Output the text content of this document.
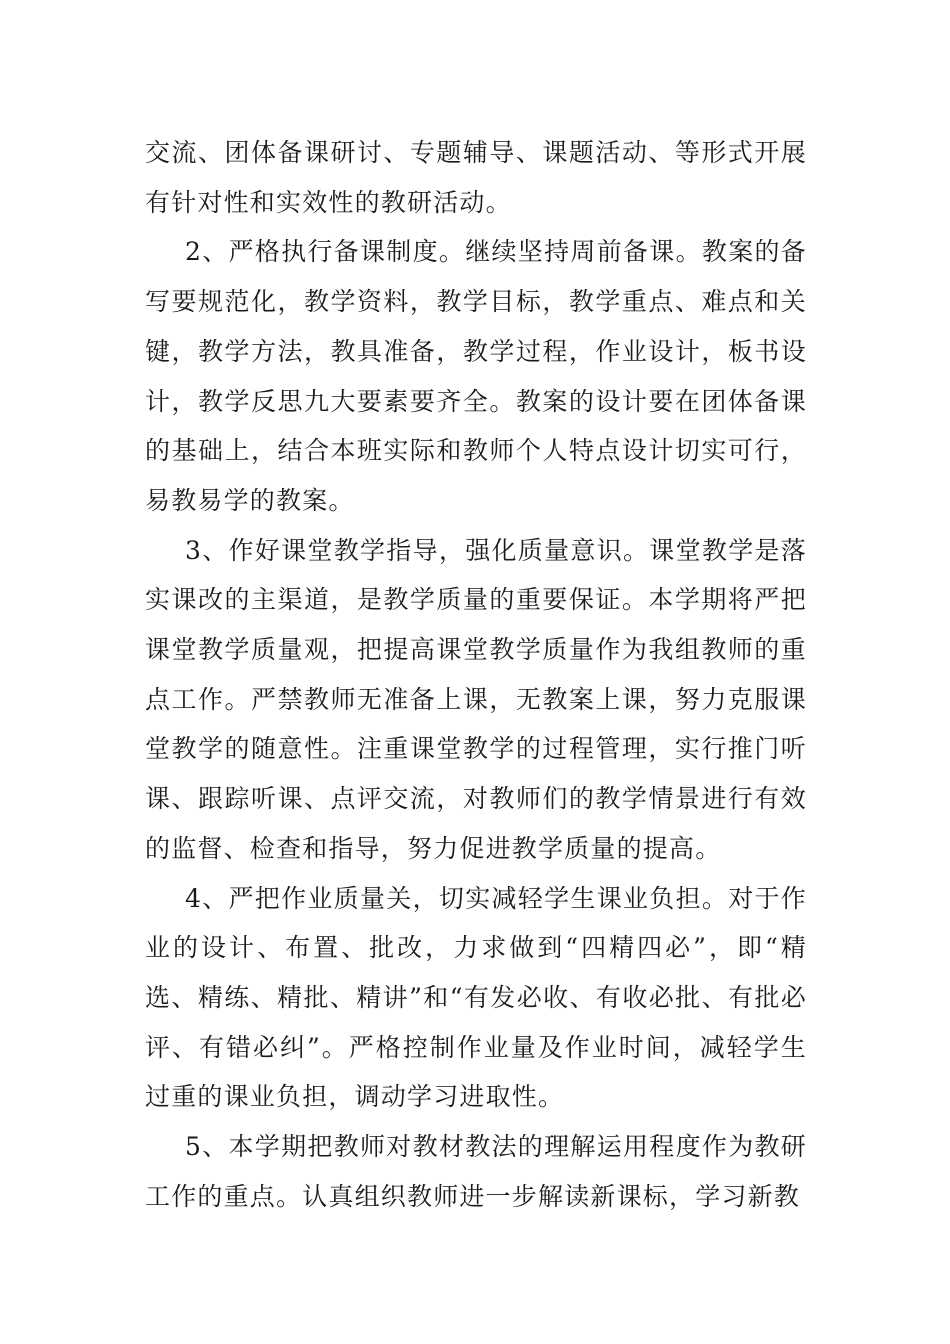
交流、团体备课研讨、专题辅导、课题活动、等形式开展有针对性和实效性的教研活动。

2、严格执行备课制度。继续坚持周前备课。教案的备写要规范化，教学资料，教学目标，教学重点、难点和关键，教学方法，教具准备，教学过程，作业设计，板书设计，教学反思九大要素要齐全。教案的设计要在团体备课的基础上，结合本班实际和教师个人特点设计切实可行，易教易学的教案。

3、作好课堂教学指导，强化质量意识。课堂教学是落实课改的主渠道，是教学质量的重要保证。本学期将严把课堂教学质量观，把提高课堂教学质量作为我组教师的重点工作。严禁教师无准备上课，无教案上课，努力克服课堂教学的随意性。注重课堂教学的过程管理，实行推门听课、跟踪听课、点评交流，对教师们的教学情景进行有效的监督、检查和指导，努力促进教学质量的提高。

4、严把作业质量关，切实减轻学生课业负担。对于作业的设计、布置、批改，力求做到“四精四必”，即“精选、精练、精批、精讲”和“有发必收、有收必批、有批必评、有错必纠”。严格控制作业量及作业时间，减轻学生过重的课业负担，调动学习进取性。

5、本学期把教师对教材教法的理解运用程度作为教研工作的重点。认真组织教师进一步解读新课标，学习新教
